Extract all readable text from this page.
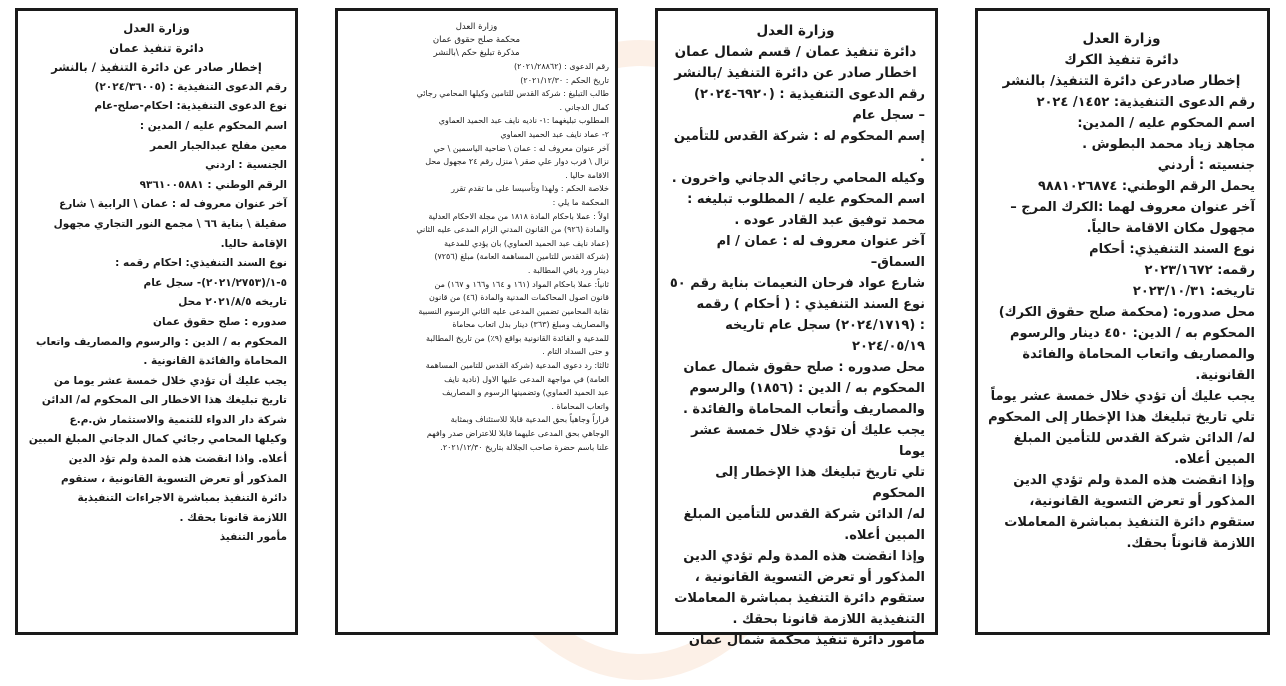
وزارة العدل

دائرة تنفيذ الكرك

إخطار صادرعن دائرة التنفيذ/ بالنشر

رقم الدعوى التنفيذية: ١٤٥٢/ ٢٠٢٤

اسم المحكوم عليه / المدين:

مجاهد زياد محمد البطوش .

جنسيته : أردني

يحمل الرقم الوطني: ٩٨٨١٠٢٦٨٧٤

آخر عنوان معروف لهما :الكرك المرج –

مجهول مكان الاقامة حالياً.

نوع السند التنفيذي: أحكام

رقمه: ٢٠٢٣/١٦٧٢

تاريخه: ٢٠٢٣/١٠/٣١

محل صدوره: (محكمة صلح حقوق الكرك)

المحكوم به / الدين: ٤٥٠ دينار والرسوم

والمصاريف واتعاب المحاماة والفائدة

القانونية.

يجب عليك أن تؤدي خلال خمسة عشر يوماً

تلي تاريخ تبليغك هذا الإخطار إلى المحكوم

له/ الدائن شركة القدس للتأمين المبلغ

المبين أعلاه.

وإذا انقضت هذه المدة ولم تؤدي الدين

المذكور أو تعرض التسوية القانونية،

ستقوم دائرة التنفيذ بمباشرة المعاملات

اللازمة قانوناً بحقك.

وزارة العدل

دائرة تنفيذ عمان / قسم شمال عمان

اخطار صادر عن دائرة التنفيذ /بالنشر

رقم الدعوى التنفيذية : (٦٩٢٠-٢٠٢٤)

– سجل عام

إسم المحكوم له : شركة القدس للتأمين .

وكيله المحامي رجائي الدجاني واخرون .

اسم المحكوم عليه / المطلوب تبليغه :

محمد توفيق عبد القادر عوده .

آخر عنوان معروف له : عمان / ام السماق–

شارع عواد فرحان النعيمات بناية رقم ٥٠

نوع السند التنفيذي : ( أحكام ) رقمه

: (٢٠٢٤/١٧١٩) سجل عام تاريخه

٢٠٢٤/٠٥/١٩

محل صدوره : صلح حقوق شمال عمان

المحكوم به / الدين : (١٨٥٦) والرسوم

والمصاريف وأتعاب المحاماة والفائدة .

يجب عليك أن تؤدي خلال خمسة عشر يوما

تلي تاريخ تبليغك هذا الإخطار إلى المحكوم

له/ الدائن شركة القدس للتأمين المبلغ

المبين أعلاه.

وإذا انقضت هذه المدة ولم تؤدي الدين

المذكور أو تعرض التسوية القانونية ،

ستقوم دائرة التنفيذ بمباشرة المعاملات

التنفيذية اللازمة قانونا بحقك .

مأمور دائرة تنفيذ محكمة شمال عمان

وزارة العدل

محكمة صلح حقوق عمان

مذكرة تبليغ حكم \بالنشر

رقم الدعوى : (٢٠٢١/٢٨٨٦٢)

تاريخ الحكم : ٢٠٢١/١٢/٣٠)

طالب التبليغ : شركة القدس للتامين وكيلها المحامي رجائي

كمال الدجاني .

المطلوب تبليغهما :١- ناديه نايف عبد الحميد العماوي

٢- عماد نايف عبد الحميد العماوي

آخر عنوان معروف له : عمان \ ضاحية الياسمين \ حي

نزال \ قرب دوار علي صقر \ منزل رقم ٢٤ مجهول محل

الاقامة حاليا .

خلاصة الحكم : ولهذا وتأسيسا على ما تقدم تقرر

المحكمة ما يلي :

اولاً : عملا باحكام المادة ١٨١٨ من مجلة الاحكام العدلية

والمادة (٩٢٦) من القانون المدني الزام المدعى عليه الثاني

(عماد نايف عبد الحميد العماوي) بان يؤدي للمدعية

(شركة القدس للتامين المساهمة العامة) مبلغ (٧٢٥٦)

دينار ورد باقي المطالبة .

ثانياً: عملا باحكام المواد (١٦١ و ١٦٤ و١٦٦ و ١٦٧) من

قانون اصول المحاكمات المدنية والمادة (٤٦) من قانون

نقابة المحامين تضمين المدعى عليه الثاني الرسوم النسبية

والمصاريف ومبلغ (٣٦٣) دينار بدل اتعاب محاماة

للمدعية و الفائدة القانونية بواقع (٩٪) من تاريخ المطالبة

و حتى السداد التام .

ثالثا: رد دعوى المدعية (شركة القدس للتامين المساهمة

العامة) في مواجهة المدعى عليها الاول (نادية نايف

عبد الحميد العماوي) وتضمينها الرسوم و المصاريف

واتعاب المحاماة .

قراراً وجاهياً بحق المدعية قابلا للاستئناف وبمثابة

الوجاهي بحق المدعى عليهما قابلا للاعتراض صدر وافهم

علنا باسم حضرة صاحب الجلالة بتاريخ ٢٠٢١/١٢/٣٠.

وزارة العدل

دائرة تنفيذ عمان

إخطار صادر عن دائرة التنفيذ / بالنشر

رقم الدعوى التنفيذية : (٢٠٢٤/٣٦٠٠٥)

نوع الدعوى التنفيذية: احكام-صلح-عام

اسم المحكوم عليه / المدين :

معين مفلح عبدالجبار العمر

الجنسية : اردني

الرقم الوطني : ٩٣٦١٠٠٥٨٨١

آخر عنوان معروف له : عمان \ الرابية \ شارع

صقيلة \ بناية ٦٦ \ مجمع النور التجاري مجهول

الإقامة حاليا.

نوع السند التنفيذي: احكام رقمه :

٥-١/(٢٠٢١/٢٧٥٣)- سجل عام

تاريخه ٢٠٢١/٨/٥ محل

صدوره : صلح حقوق عمان

المحكوم به / الدين : والرسوم والمصاريف واتعاب

المحاماة والفائدة القانونية .

يجب عليك أن تؤدي خلال خمسة عشر يوما من

تاريخ تبليغك هذا الاخطار الى المحكوم له/ الدائن

شركة دار الدواء للتنمية والاستثمار ش.م.ع

وكيلها المحامي رجائي كمال الدجاني المبلغ المبين

أعلاه. واذا انقضت هذه المدة ولم تؤد الدين

المذكور أو تعرض التسوية القانونية ، ستقوم

دائرة التنفيذ بمباشرة الاجراءات التنفيذية

اللازمة قانونا بحقك .

مأمور التنفيذ
